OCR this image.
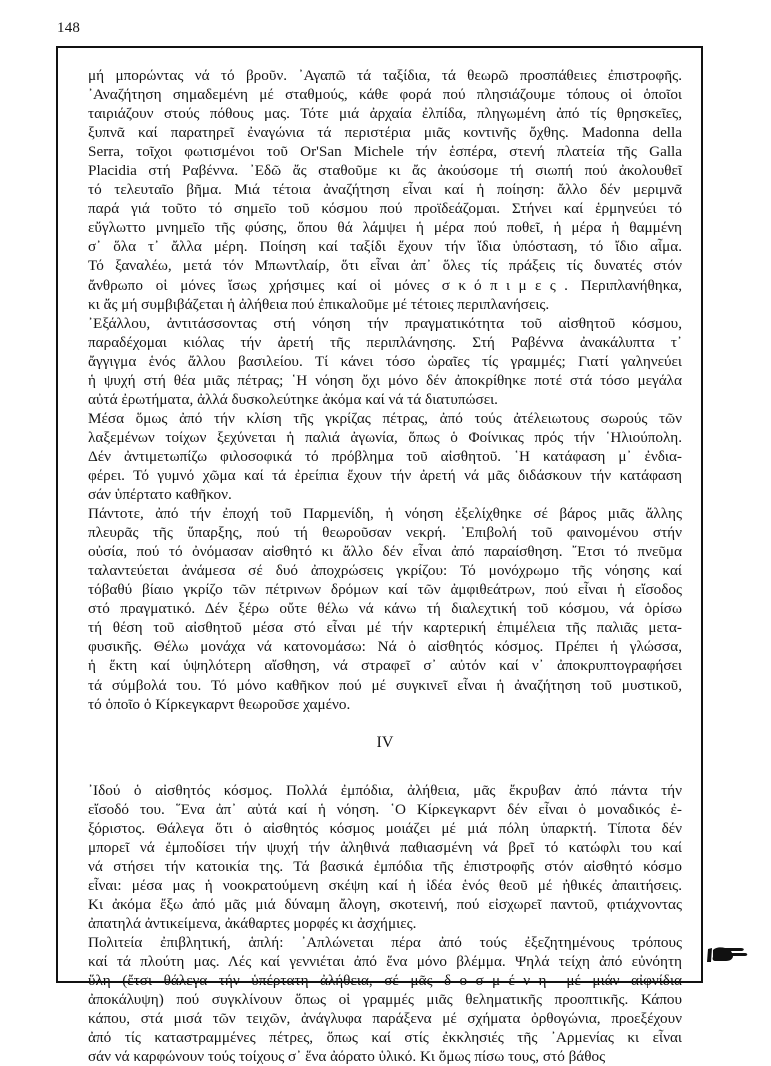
148
μή μπορώντας νά τό βροῦν. ᾿Αγαπῶ τά ταξίδια, τά θεωρῶ προσπάθειες ἐπιστροφῆς.
᾿Αναζήτηση σημαδεμένη μέ σταθμούς, κάθε φορά πού πλησιάζουμε τόπους οἱ ὁποῖοι
ταιριάζουν στούς πόθους μας. Τότε μιά ἀρχαία ἐλπίδα, πληγωμένη ἀπό τίς θρησκεῖες,
ξυπνᾶ καί παρατηρεῖ ἐναγώνια τά περιστέρια μιᾶς κοντινῆς ὄχθης. Madonna della
Serra, τοῖχοι φωτισμένοι τοῦ Or'San Michele τήν ἑσπέρα, στενή πλατεία τῆς Galla
Placidia στή Ραβέννα. ᾿Εδῶ ἄς σταθοῦμε κι ἄς ἀκούσομε τή σιωπή πού ἀκολουθεῖ
τό τελευταῖο βῆμα. Μιά τέτοια ἀναζήτηση εἶναι καί ἡ ποίηση: ἄλλο δέν μεριμνᾶ
παρά γιά τοῦτο τό σημεῖο τοῦ κόσμου πού προϊδεάζομαι. Στήνει καί ἑρμηνεύει τό
εὔγλωττο μνημεῖο τῆς φύσης, ὅπου θά λάμψει ἡ μέρα πού ποθεῖ, ἡ μέρα ἡ θαμμένη
σ᾿ ὅλα τ᾿ ἄλλα μέρη. Ποίηση καί ταξίδι ἔχουν τήν ἴδια ὑπόσταση, τό ἴδιο αἷμα.
Τό ξαναλέω, μετά τόν Μπωντλαίρ, ὅτι εἶναι ἀπ᾿ ὅλες τίς πράξεις τίς δυνατές στόν
ἄνθρωπο οἱ μόνες ἴσως χρήσιμες καί οἱ μόνες σκόπιμες. Περιπλανήθηκα,
κι ἄς μή συμβιβάζεται ἡ ἀλήθεια πού ἐπικαλοῦμε μέ τέτοιες περιπλανήσεις.
᾿Εξάλλου, ἀντιτάσσοντας στή νόηση τήν πραγματικότητα τοῦ αἰσθητοῦ κόσμου,
παραδέχομαι κιόλας τήν ἀρετή τῆς περιπλάνησης. Στή Ραβέννα ἀνακάλυπτα τ᾿
ἄγγιγμα ἑνός ἄλλου βασιλείου. Τί κάνει τόσο ὡραῖες τίς γραμμές; Γιατί γαληνεύει
ἡ ψυχή στή θέα μιᾶς πέτρας; ῾Η νόηση ὄχι μόνο δέν ἀποκρίθηκε ποτέ στά τόσο μεγάλα
αὐτά ἐρωτήματα, ἀλλά δυσκολεύτηκε ἀκόμα καί νά τά διατυπώσει.
Μέσα ὅμως ἀπό τήν κλίση τῆς γκρίζας πέτρας, ἀπό τούς ἀτέλειωτους σωρούς τῶν
λαξεμένων τοίχων ξεχύνεται ἡ παλιά ἀγωνία, ὅπως ὁ Φοίνικας πρός τήν ῾Ηλιούπολη.
Δέν ἀντιμετωπίζω φιλοσοφικά τό πρόβλημα τοῦ αἰσθητοῦ. ῾Η κατάφαση μ᾿ ἐνδια-
φέρει. Τό γυμνό χῶμα καί τά ἐρείπια ἔχουν τήν ἀρετή νά μᾶς διδάσκουν τήν κατάφαση
σάν ὑπέρτατο καθῆκον.
Πάντοτε, ἀπό τήν ἐποχή τοῦ Παρμενίδη, ἡ νόηση ἐξελίχθηκε σέ βάρος μιᾶς ἄλλης
πλευρᾶς τῆς ὕπαρξης, πού τή θεωροῦσαν νεκρή. ᾿Επιβολή τοῦ φαινομένου στήν
οὐσία, πού τό ὀνόμασαν αἰσθητό κι ἄλλο δέν εἶναι ἀπό παραίσθηση. ῎Ετσι τό πνεῦμα
ταλαντεύεται ἀνάμεσα σέ δυό ἀποχρώσεις γκρίζου: Τό μονόχρωμο τῆς νόησης καί
τόβαθύ βίαιο γκρίζο τῶν πέτρινων δρόμων καί τῶν ἀμφιθεάτρων, πού εἶναι ἡ εἴσοδος
στό πραγματικό. Δέν ξέρω οὔτε θέλω νά κάνω τή διαλεχτική τοῦ κόσμου, νά ὁρίσω
τή θέση τοῦ αἰσθητοῦ μέσα στό εἶναι μέ τήν καρτερική ἐπιμέλεια τῆς παλιᾶς μετα-
φυσικῆς. Θέλω μονάχα νά κατονομάσω: Νά ὁ αἰσθητός κόσμος. Πρέπει ἡ γλώσσα,
ἡ ἕκτη καί ὑψηλότερη αἴσθηση, νά στραφεῖ σ᾿ αὐτόν καί ν᾿ ἀποκρυπτογραφήσει
τά σύμβολά του. Τό μόνο καθῆκον πού μέ συγκινεῖ εἶναι ἡ ἀναζήτηση τοῦ μυστικοῦ,
τό ὁποῖο ὁ Κίρκεγκαρντ θεωροῦσε χαμένο.
IV
᾿Ιδού ὁ αἰσθητός κόσμος. Πολλά ἐμπόδια, ἀλήθεια, μᾶς ἔκρυβαν ἀπό πάντα τήν
εἴσοδό του. ῞Ενα ἀπ᾿ αὐτά καί ἡ νόηση. ῾Ο Κίρκεγκαρντ δέν εἶναι ὁ μοναδικός ἐ-
ξόριστος. Θάλεγα ὅτι ὁ αἰσθητός κόσμος μοιάζει μέ μιά πόλη ὑπαρκτή. Τίποτα δέν
μπορεῖ νά ἐμποδίσει τήν ψυχή τήν ἀληθινά παθιασμένη νά βρεῖ τό κατώφλι του καί
νά στήσει τήν κατοικία της. Τά βασικά ἐμπόδια τῆς ἐπιστροφῆς στόν αἰσθητό κόσμο
εἶναι: μέσα μας ἡ νοοκρατούμενη σκέψη καί ἡ ἰδέα ἑνός θεοῦ μέ ἠθικές ἀπαιτήσεις.
Κι ἀκόμα ἔξω ἀπό μᾶς μιά δύναμη ἄλογη, σκοτεινή, πού εἰσχωρεῖ παντοῦ, φτιάχνοντας
ἀπατηλά ἀντικείμενα, ἀκάθαρτες μορφές κι ἀσχήμιες.
Πολιτεία ἐπιβλητική, ἁπλή: ᾿Απλώνεται πέρα ἀπό τούς ἐξεζητημένους τρόπους
καί τά πλούτη μας. Λές καί γεννιέται ἀπό ἕνα μόνο βλέμμα. Ψηλά τείχη ἀπό εὐνόητη
ὕλη (ἔτσι θάλεγα τήν ὑπέρτατη ἀλήθεια, σέ μᾶς δοσμένη μέ μιάν αἰφνίδια
ἀποκάλυψη) πού συγκλίνουν ὅπως οἱ γραμμές μιᾶς θεληματικῆς προοπτικῆς. Κάπου
κάπου, στά μισά τῶν τειχῶν, ἀνάγλυφα παράξενα μέ σχήματα ὀρθογώνια, προεξέχουν
ἀπό τίς καταστραμμένες πέτρες, ὅπως καί στίς ἐκκλησιές τῆς ᾿Αρμενίας κι εἶναι
σάν νά καρφώνουν τούς τοίχους σ᾿ ἕνα ἀόρατο ὑλικό. Κι ὅμως πίσω τους, στό βάθος
